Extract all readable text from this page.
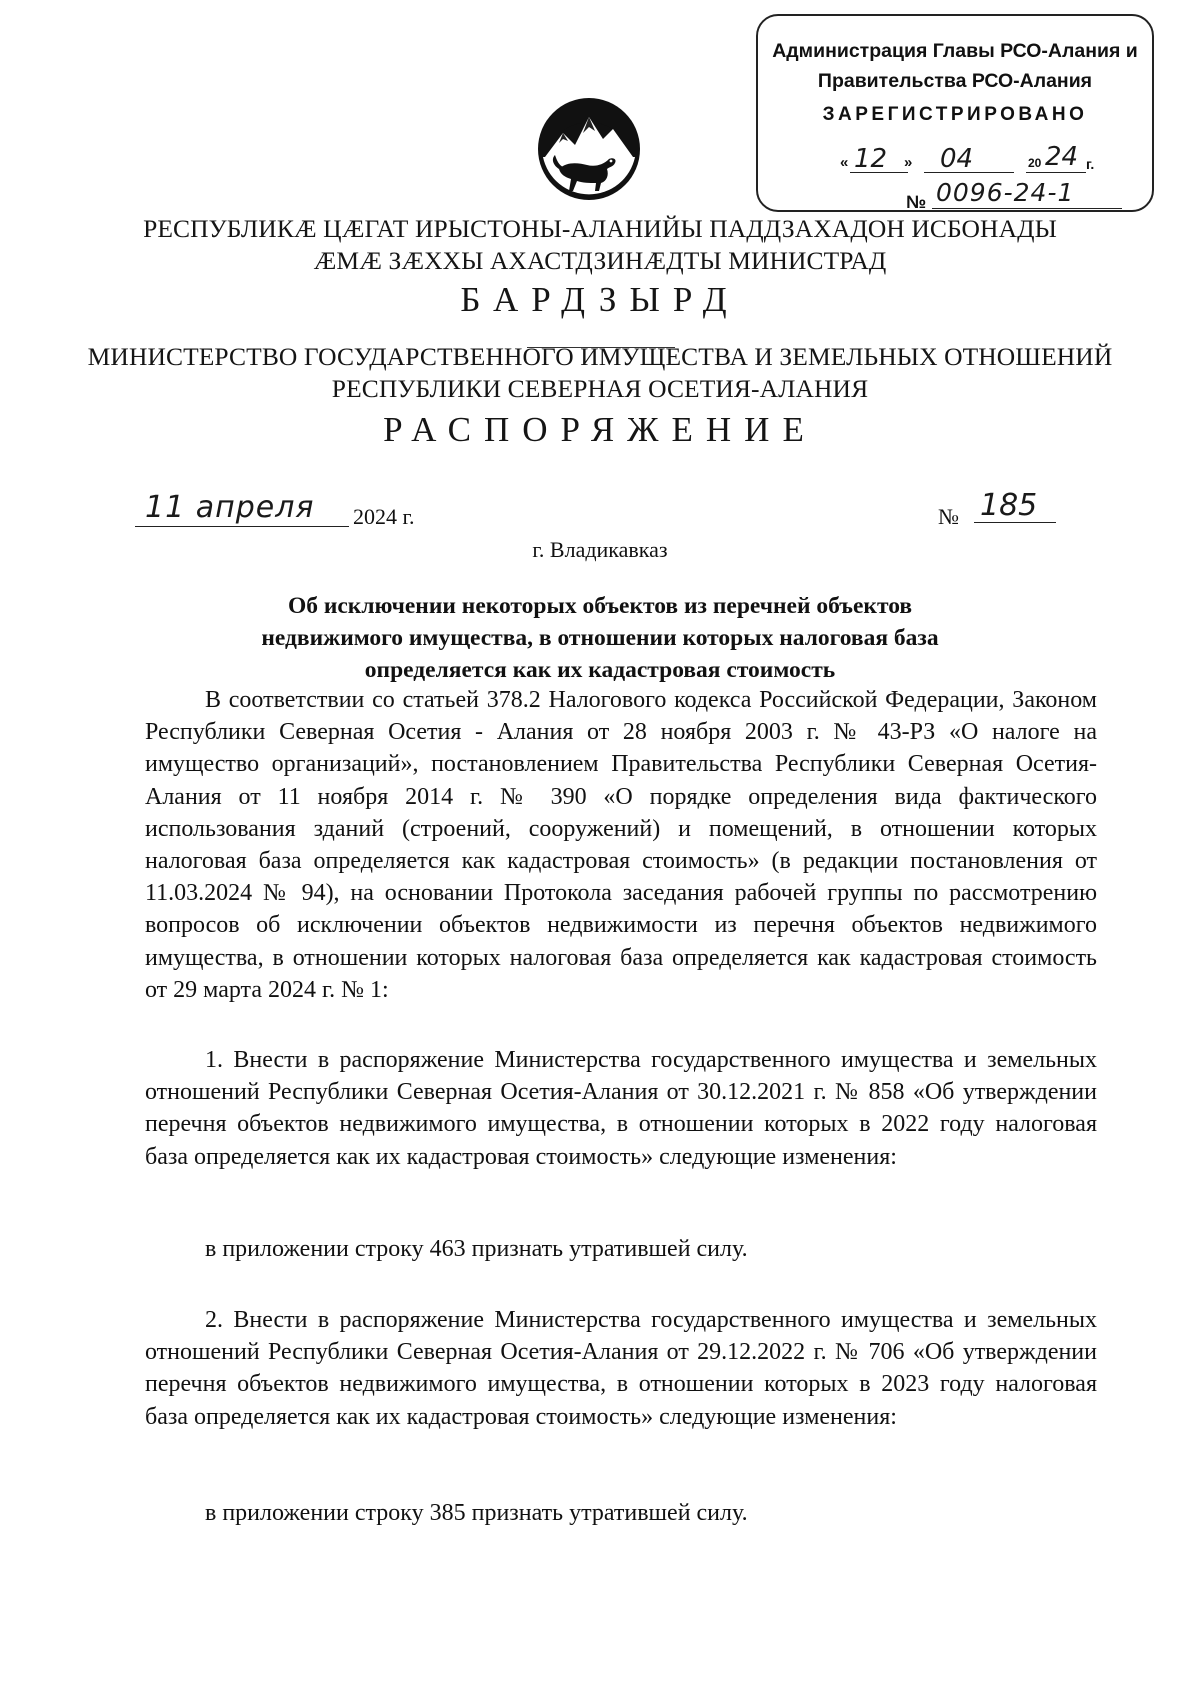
Администрация Главы РСО-Алания и
Правительства РСО-Алания
ЗАРЕГИСТРИРОВАНО
« 12 » 04	20 24 г.
№ 0096-24-1
РЕСПУБЛИКÆ ЦÆГАТ ИРЫСТОНЫ-АЛАНИЙЫ ПАДДЗАХАДОН ИСБОНАДЫ
ÆМÆ ЗÆХХЫ АХАСТДЗИНÆДТЫ МИНИСТРАД
БАРДЗЫРД
МИНИСТЕРСТВО ГОСУДАРСТВЕННОГО ИМУЩЕСТВА И ЗЕМЕЛЬНЫХ ОТНОШЕНИЙ
РЕСПУБЛИКИ СЕВЕРНАЯ ОСЕТИЯ-АЛАНИЯ
РАСПОРЯЖЕНИЕ
11 апреля 2024 г.	№ 185
г. Владикавказ
Об исключении некоторых объектов из перечней объектов
недвижимого имущества, в отношении которых налоговая база
определяется как их кадастровая стоимость

В соответствии со статьей 378.2 Налогового кодекса Российской Федерации, Законом Республики Северная Осетия - Алания от 28 ноября 2003 г. № 43-РЗ «О налоге на имущество организаций», постановлением Правительства Республики Северная Осетия-Алания от 11 ноября 2014 г. № 390 «О порядке определения вида фактического использования зданий (строений, сооружений) и помещений, в отношении которых налоговая база определяется как кадастровая стоимость» (в редакции постановления от 11.03.2024 № 94), на основании Протокола заседания рабочей группы по рассмотрению вопросов об исключении объектов недвижимости из перечня объектов недвижимого имущества, в отношении которых налоговая база определяется как кадастровая стоимость от 29 марта 2024 г. № 1:

1. Внести в распоряжение Министерства государственного имущества и земельных отношений Республики Северная Осетия-Алания от 30.12.2021 г. № 858 «Об утверждении перечня объектов недвижимого имущества, в отношении которых в 2022 году налоговая база определяется как их кадастровая стоимость» следующие изменения:

в приложении строку 463 признать утратившей силу.

2. Внести в распоряжение Министерства государственного имущества и земельных отношений Республики Северная Осетия-Алания от 29.12.2022 г. № 706 «Об утверждении перечня объектов недвижимого имущества, в отношении которых в 2023 году налоговая база определяется как их кадастровая стоимость» следующие изменения:

в приложении строку 385 признать утратившей силу.
